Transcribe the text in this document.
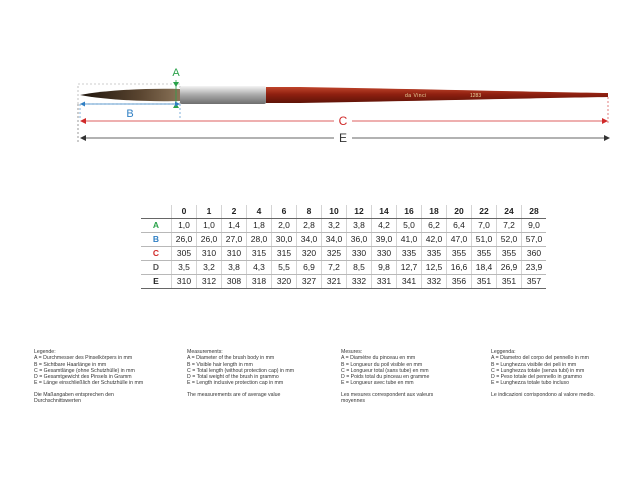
da Vinci	1283
A
B	C
E
	0	1	2	4	6	8	10	12	14	16	18	20	22	24	28
A	1,0	1,0	1,4	1,8	2,0	2,8	3,2	3,8	4,2	5,0	6,2	6,4	7,0	7,2	9,0
B	26,0	26,0	27,0	28,0	30,0	34,0	34,0	36,0	39,0	41,0	42,0	47,0	51,0	52,0	57,0
C	305	310	310	315	315	320	325	330	330	335	335	355	355	355	360
D	3,5	3,2	3,8	4,3	5,5	6,9	7,2	8,5	9,8	12,7	12,5	16,6	18,4	26,9	23,9
E	310	312	308	318	320	327	321	332	331	341	332	356	351	351	357
Legende:
A = Durchmesser des Pinselkörpers in mm
B = Sichtbare Haarlänge in mm
C = Gesamtlänge (ohne Schutzhülle) in mm
D = Gesamtgewicht des Pinsels in Gramm
E = Länge einschließlich der Schutzhülle in mm
Die Maßangaben entsprechen den Durchschnittswerten
Measurements:
A = Diameter of the brush body in mm
B = Visible hair length in mm
C = Total length (without protection cap) in mm
D = Total weight of the brush in grammo
E = Length inclusive protection cap in mm
The measurements are of average value
Mesures:
A = Diamètre du pinceau en mm
B = Longueur du poil visible en mm
C = Longueur total (sans tube) en mm
D = Poids total du pinceau en gramme
E = Longueur avec tube en mm
Les mesures correspondent aux valeurs moyennes
Leggenda:
A = Diametro del corpo del pennello in mm
B = Lunghezza visibile dei peli in mm
C = Lunghezza totale (senza tubi) in mm
D = Peso totale del pennello in grammo
E = Lunghezza totale tubo incluso
Le indicazioni corrispondono al valore medio.
